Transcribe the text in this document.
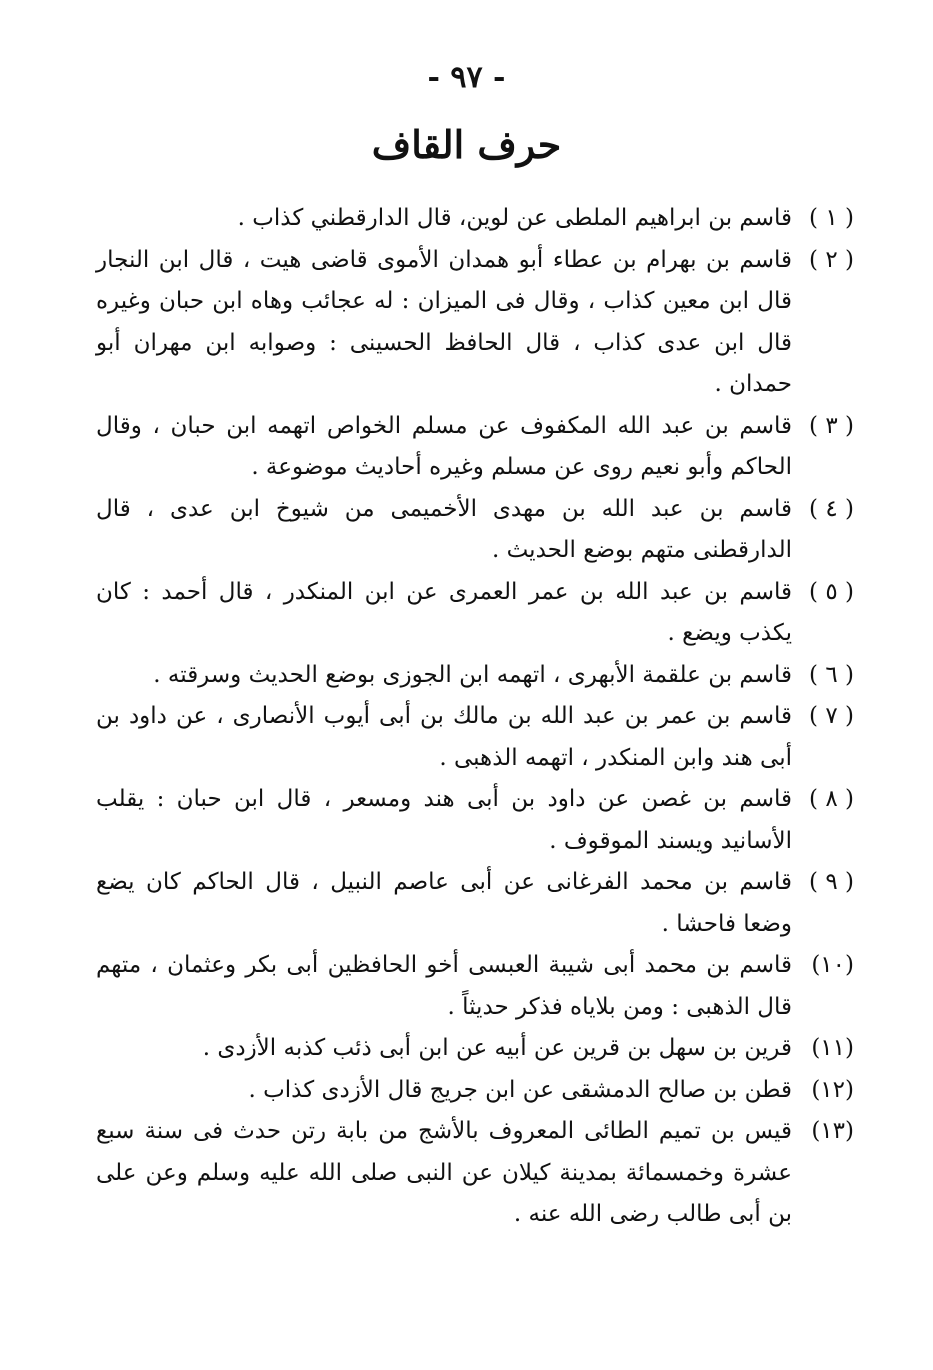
- ٩٧ -
حرف القاف

( ١ )
قاسم بن ابراهيم الملطى عن لوين، قال الدارقطني كذاب .

( ٢ )
قاسم بن بهرام بن عطاء أبو همدان الأموى قاضى هيت ، قال ابن النجار قال ابن معين كذاب ، وقال فى الميزان : له عجائب وهاه ابن حبان وغيره قال ابن عدى كذاب ، قال الحافظ الحسينى : وصوابه ابن مهران أبو حمدان .

( ٣ )
قاسم بن عبد الله المكفوف عن مسلم الخواص اتهمه ابن حبان ، وقال الحاكم وأبو نعيم روى عن مسلم وغيره أحاديث موضوعة .

( ٤ )
قاسم بن عبد الله بن مهدى الأخميمى من شيوخ ابن عدى ، قال الدارقطنى متهم بوضع الحديث .

( ٥ )
قاسم بن عبد الله بن عمر العمرى عن ابن المنكدر ، قال أحمد : كان يكذب ويضع .

( ٦ )
قاسم بن علقمة الأبهرى ، اتهمه ابن الجوزى بوضع الحديث وسرقته .

( ٧ )
قاسم بن عمر بن عبد الله بن مالك بن أبى أيوب الأنصارى ، عن داود بن أبى هند وابن المنكدر ، اتهمه الذهبى .

( ٨ )
قاسم بن غصن عن داود بن أبى هند ومسعر ، قال ابن حبان : يقلب الأسانيد ويسند الموقوف .

( ٩ )
قاسم بن محمد الفرغانى عن أبى عاصم النبيل ، قال الحاكم كان يضع وضعا فاحشا .

(١٠)
قاسم بن محمد أبى شيبة العبسى أخو الحافظين أبى بكر وعثمان ، متهم قال الذهبى : ومن بلاياه فذكر حديثاً .

(١١)
قرين بن سهل بن قرين عن أبيه عن ابن أبى ذئب كذبه الأزدى .

(١٢)
قطن بن صالح الدمشقى عن ابن جريج قال الأزدى كذاب .

(١٣)
قيس بن تميم الطائى المعروف بالأشج من بابة رتن حدث فى سنة سبع عشرة وخمسمائة بمدينة كيلان عن النبى صلى الله عليه وسلم وعن على بن أبى طالب رضى الله عنه .
